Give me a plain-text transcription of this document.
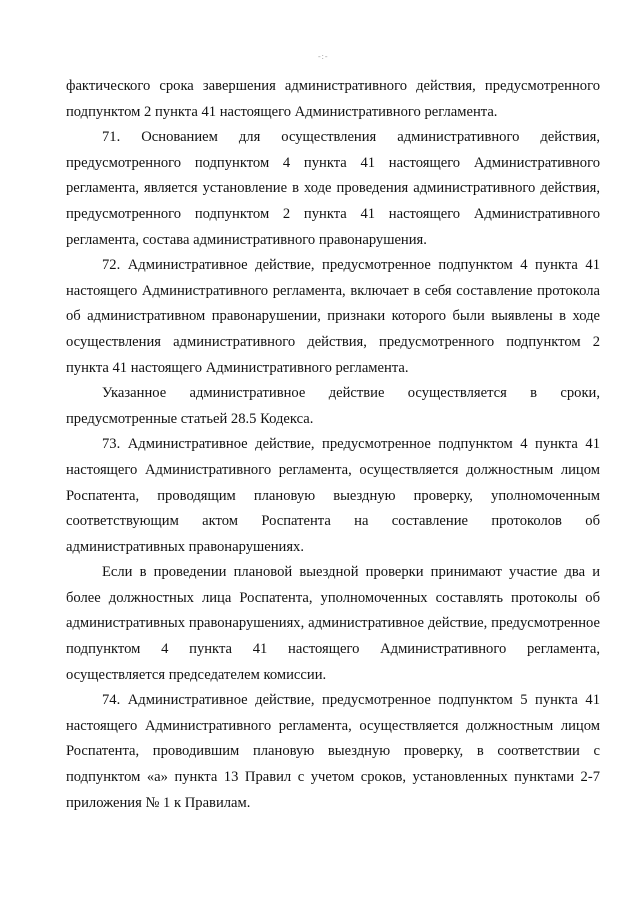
-:-

фактического срока завершения административного действия, предусмотренного подпунктом 2 пункта 41 настоящего Административного регламента.

71. Основанием для осуществления административного действия, предусмотренного подпунктом 4 пункта 41 настоящего Административного регламента, является установление в ходе проведения административного действия, предусмотренного подпунктом 2 пункта 41 настоящего Административного регламента, состава административного правонарушения.

72. Административное действие, предусмотренное подпунктом 4 пункта 41 настоящего Административного регламента, включает в себя составление протокола об административном правонарушении, признаки которого были выявлены в ходе осуществления административного действия, предусмотренного подпунктом 2 пункта 41 настоящего Административного регламента.

Указанное административное действие осуществляется в сроки, предусмотренные статьей 28.5 Кодекса.

73. Административное действие, предусмотренное подпунктом 4 пункта 41 настоящего Административного регламента, осуществляется должностным лицом Роспатента, проводящим плановую выездную проверку, уполномоченным соответствующим актом Роспатента на составление протоколов об административных правонарушениях.

Если в проведении плановой выездной проверки принимают участие два и более должностных лица Роспатента, уполномоченных составлять протоколы об административных правонарушениях, административное действие, предусмотренное подпунктом 4 пункта 41 настоящего Административного регламента, осуществляется председателем комиссии.

74. Административное действие, предусмотренное подпунктом 5 пункта 41 настоящего Административного регламента, осуществляется должностным лицом Роспатента, проводившим плановую выездную проверку, в соответствии с подпунктом «а» пункта 13 Правил с учетом сроков, установленных пунктами 2-7 приложения № 1 к Правилам.
